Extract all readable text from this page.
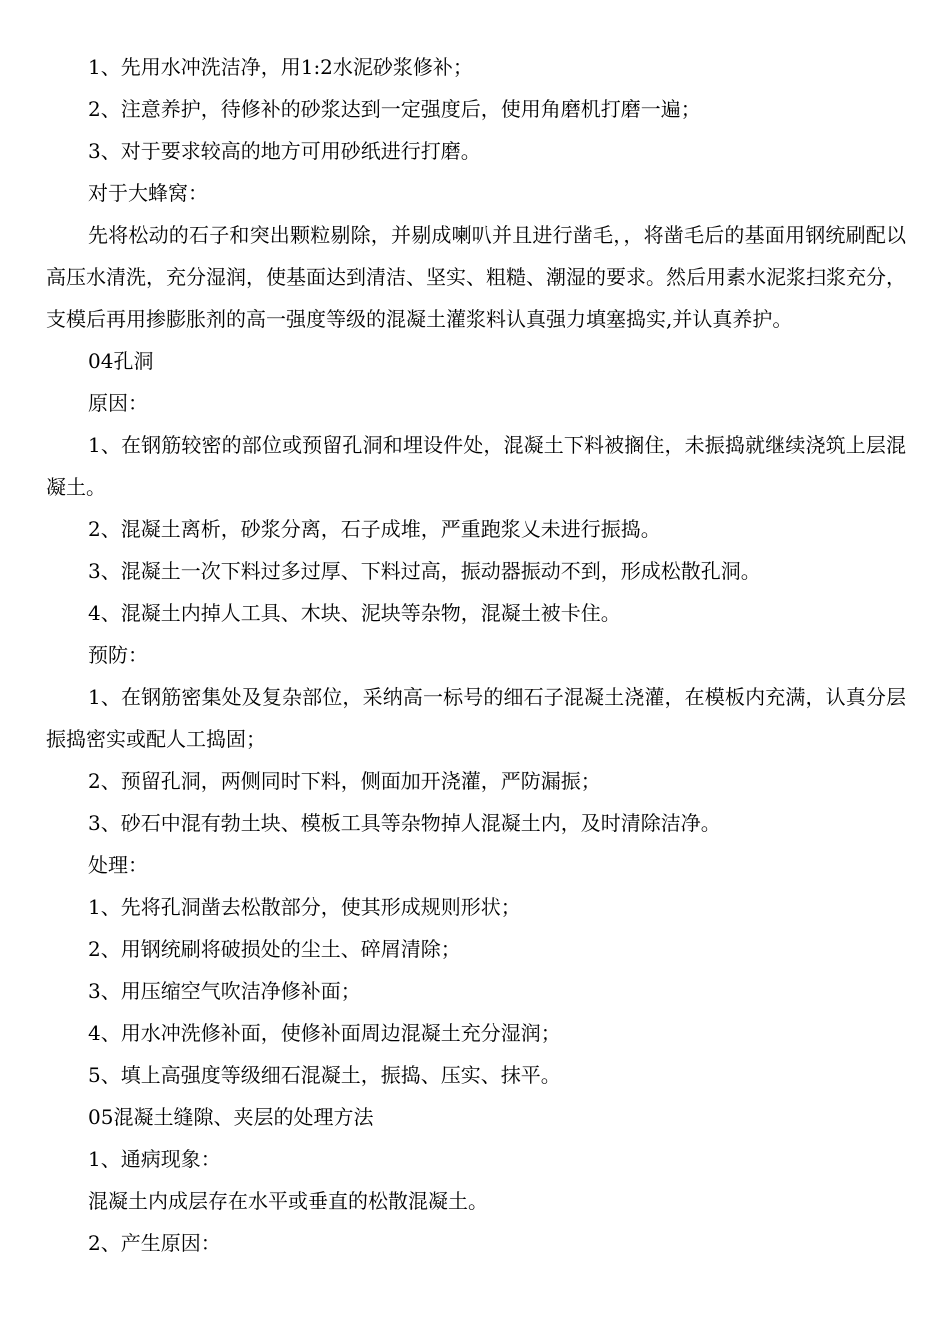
1、先用水冲洗洁净，用1:2水泥砂浆修补；

2、注意养护，待修补的砂浆达到一定强度后，使用角磨机打磨一遍；

3、对于要求较高的地方可用砂纸进行打磨。

对于大蜂窝：

先将松动的石子和突出颗粒剔除，并剔成喇叭并且进行凿毛，，将凿毛后的基面用钢统刷配以高压水清洗，充分湿润，使基面达到清洁、坚实、粗糙、潮湿的要求。然后用素水泥浆扫浆充分，支模后再用掺膨胀剂的高一强度等级的混凝土灌浆料认真强力填塞捣实,并认真养护。

04孔洞

原因：

1、在钢筋较密的部位或预留孔洞和埋设件处，混凝土下料被搁住，未振捣就继续浇筑上层混凝土。

2、混凝土离析，砂浆分离，石子成堆，严重跑浆乂未进行振捣。

3、混凝土一次下料过多过厚、下料过高，振动器振动不到，形成松散孔洞。

4、混凝土内掉人工具、木块、泥块等杂物，混凝土被卡住。

预防：

1、在钢筋密集处及复杂部位，采纳高一标号的细石子混凝土浇灌，在模板内充满，认真分层振捣密实或配人工捣固；

2、预留孔洞，两侧同时下料，侧面加开浇灌，严防漏振；

3、砂石中混有勃土块、模板工具等杂物掉人混凝土内，及时清除洁净。

处理：

1、先将孔洞凿去松散部分，使其形成规则形状；

2、用钢统刷将破损处的尘土、碎屑清除；

3、用压缩空气吹洁净修补面；

4、用水冲洗修补面，使修补面周边混凝土充分湿润；

5、填上高强度等级细石混凝土，振捣、压实、抹平。

05混凝土缝隙、夹层的处理方法

1、通病现象：

混凝土内成层存在水平或垂直的松散混凝土。

2、产生原因：
